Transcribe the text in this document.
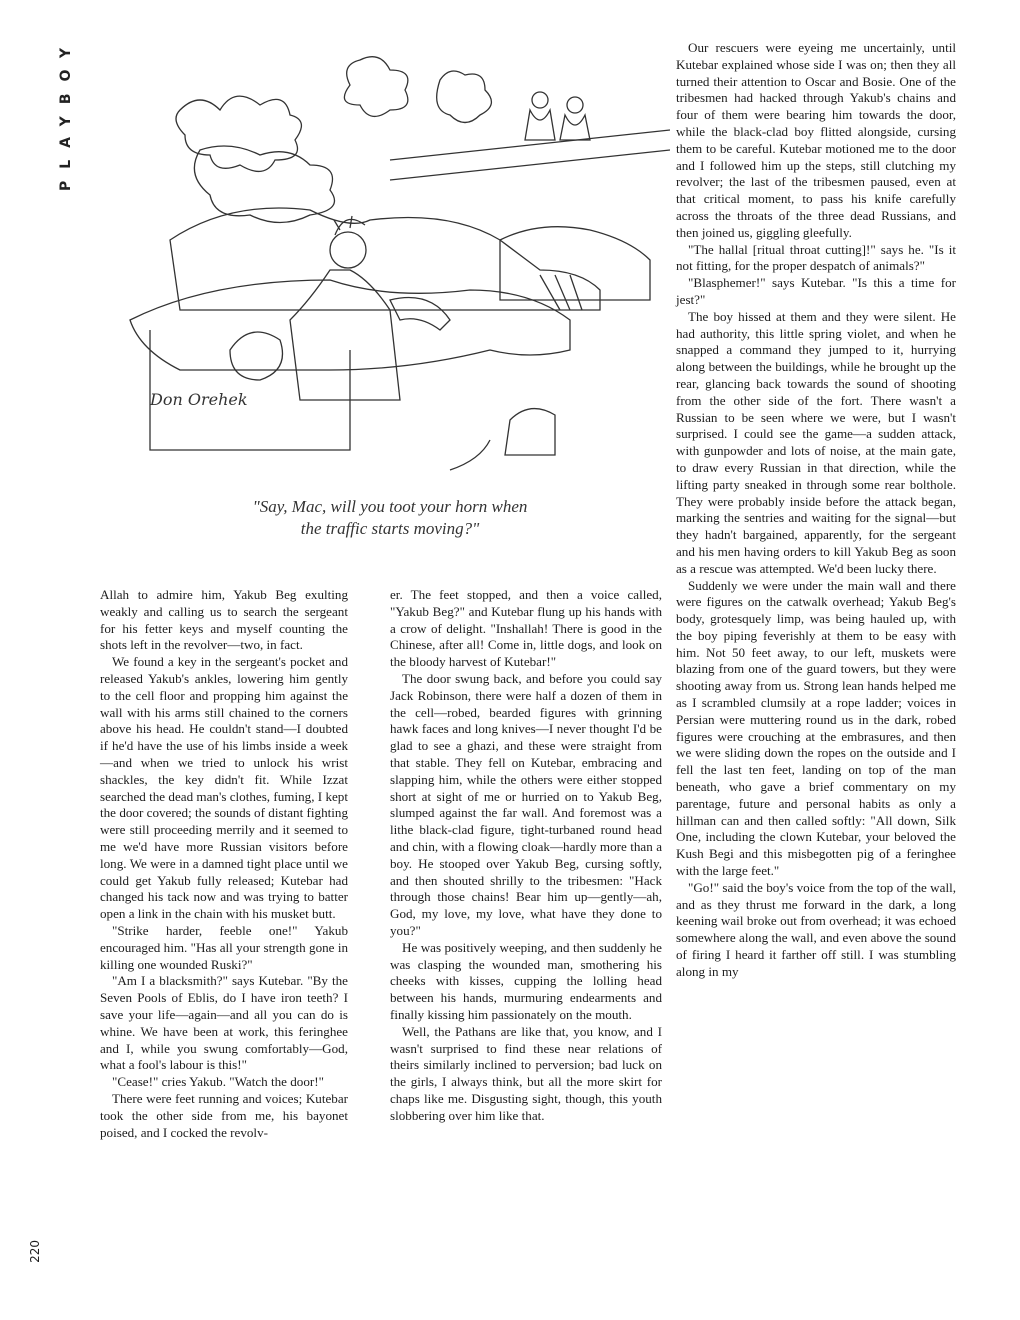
PLAYBOY
Don Orehek

"Say, Mac, will you toot your horn when

the traffic starts moving?"

Allah to admire him, Yakub Beg exulting weakly and calling us to search the sergeant for his fetter keys and myself counting the shots left in the revolver—two, in fact.

We found a key in the sergeant's pocket and released Yakub's ankles, lowering him gently to the cell floor and propping him against the wall with his arms still chained to the corners above his head. He couldn't stand—I doubted if he'd have the use of his limbs inside a week—and when we tried to unlock his wrist shackles, the key didn't fit. While Izzat searched the dead man's clothes, fuming, I kept the door covered; the sounds of distant fighting were still proceeding merrily and it seemed to me we'd have more Russian visitors before long. We were in a damned tight place until we could get Yakub fully released; Kutebar had changed his tack now and was trying to batter open a link in the chain with his musket butt.

"Strike harder, feeble one!" Yakub encouraged him. "Has all your strength gone in killing one wounded Ruski?"

"Am I a blacksmith?" says Kutebar. "By the Seven Pools of Eblis, do I have iron teeth? I save your life—again—and all you can do is whine. We have been at work, this feringhee and I, while you swung comfortably—God, what a fool's labour is this!"

"Cease!" cries Yakub. "Watch the door!"

There were feet running and voices; Kutebar took the other side from me, his bayonet poised, and I cocked the revolv-

er. The feet stopped, and then a voice called, "Yakub Beg?" and Kutebar flung up his hands with a crow of delight. "Inshallah! There is good in the Chinese, after all! Come in, little dogs, and look on the bloody harvest of Kutebar!"

The door swung back, and before you could say Jack Robinson, there were half a dozen of them in the cell—robed, bearded figures with grinning hawk faces and long knives—I never thought I'd be glad to see a ghazi, and these were straight from that stable. They fell on Kutebar, embracing and slapping him, while the others were either stopped short at sight of me or hurried on to Yakub Beg, slumped against the far wall. And foremost was a lithe black-clad figure, tight-turbaned round head and chin, with a flowing cloak—hardly more than a boy. He stooped over Yakub Beg, cursing softly, and then shouted shrilly to the tribesmen: "Hack through those chains! Bear him up—gently—ah, God, my love, my love, what have they done to you?"

He was positively weeping, and then suddenly he was clasping the wounded man, smothering his cheeks with kisses, cupping the lolling head between his hands, murmuring endearments and finally kissing him passionately on the mouth.

Well, the Pathans are like that, you know, and I wasn't surprised to find these near relations of theirs similarly inclined to perversion; bad luck on the girls, I always think, but all the more skirt for chaps like me. Disgusting sight, though, this youth slobbering over him like that.

Our rescuers were eyeing me uncertainly, until Kutebar explained whose side I was on; then they all turned their attention to Oscar and Bosie. One of the tribesmen had hacked through Yakub's chains and four of them were bearing him towards the door, while the black-clad boy flitted alongside, cursing them to be careful. Kutebar motioned me to the door and I followed him up the steps, still clutching my revolver; the last of the tribesmen paused, even at that critical moment, to pass his knife carefully across the throats of the three dead Russians, and then joined us, giggling gleefully.

"The hallal [ritual throat cutting]!" says he. "Is it not fitting, for the proper despatch of animals?"

"Blasphemer!" says Kutebar. "Is this a time for jest?"

The boy hissed at them and they were silent. He had authority, this little spring violet, and when he snapped a command they jumped to it, hurrying along between the buildings, while he brought up the rear, glancing back towards the sound of shooting from the other side of the fort. There wasn't a Russian to be seen where we were, but I wasn't surprised. I could see the game—a sudden attack, with gunpowder and lots of noise, at the main gate, to draw every Russian in that direction, while the lifting party sneaked in through some rear bolthole. They were probably inside before the attack began, marking the sentries and waiting for the signal—but they hadn't bargained, apparently, for the sergeant and his men having orders to kill Yakub Beg as soon as a rescue was attempted. We'd been lucky there.

Suddenly we were under the main wall and there were figures on the catwalk overhead; Yakub Beg's body, grotesquely limp, was being hauled up, with the boy piping feverishly at them to be easy with him. Not 50 feet away, to our left, muskets were blazing from one of the guard towers, but they were shooting away from us. Strong lean hands helped me as I scrambled clumsily at a rope ladder; voices in Persian were muttering round us in the dark, robed figures were crouching at the embrasures, and then we were sliding down the ropes on the outside and I fell the last ten feet, landing on top of the man beneath, who gave a brief commentary on my parentage, future and personal habits as only a hillman can and then called softly: "All down, Silk One, including the clown Kutebar, your beloved the Kush Begi and this misbegotten pig of a feringhee with the large feet."

"Go!" said the boy's voice from the top of the wall, and as they thrust me forward in the dark, a long keening wail broke out from overhead; it was echoed somewhere along the wall, and even above the sound of firing I heard it farther off still. I was stumbling along in my

220
